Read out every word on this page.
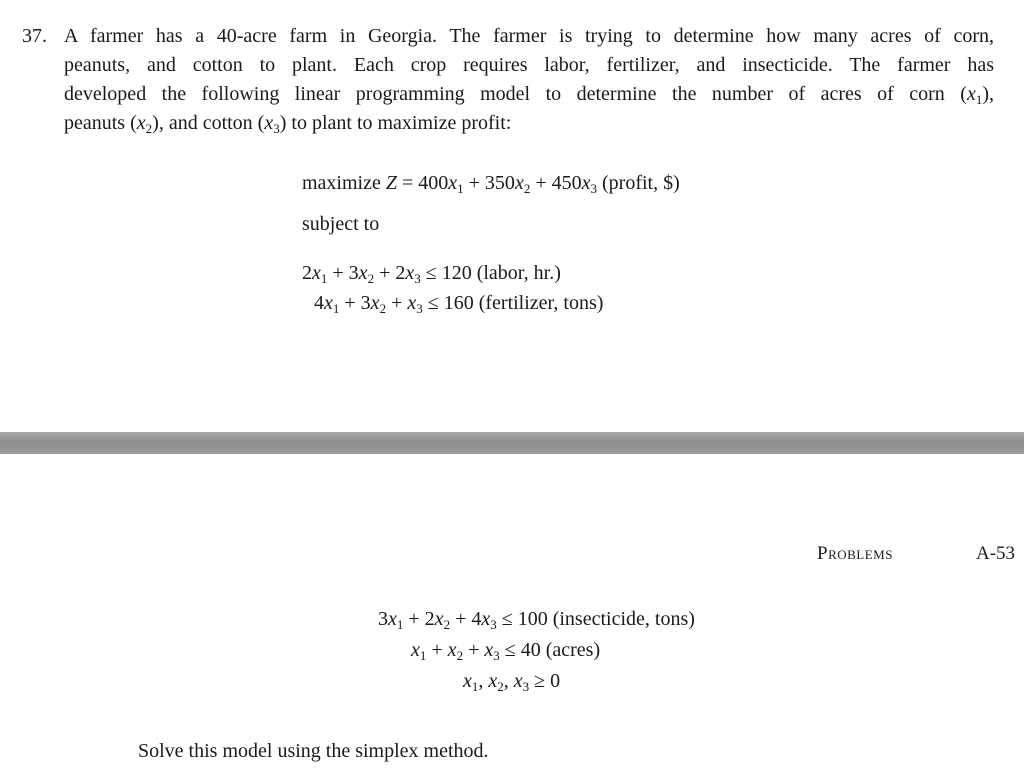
37. A farmer has a 40-acre farm in Georgia. The farmer is trying to determine how many acres of corn,
peanuts, and cotton to plant. Each crop requires labor, fertilizer, and insecticide. The farmer has
developed the following linear programming model to determine the number of acres of corn $(x_1)$,
peanuts $(x_2)$, and cotton $(x_3)$ to plant to maximize profit:
maximize $Z = 400x_1 + 350x_2 + 450x_3$ (profit, $)
subject to
$2x_1 + 3x_2 + 2x_3 \le 120$ (labor, hr.)
$4x_1 + 3x_2 + x_3 \le 160$ (fertilizer, tons)
Problems	A-53
$3x_1 + 2x_2 + 4x_3 \le 100$ (insecticide, tons)
$x_1 + x_2 + x_3 \le 40$ (acres)
$x_1$, $x_2$, $x_3 \ge 0$
Solve this model using the simplex method.
